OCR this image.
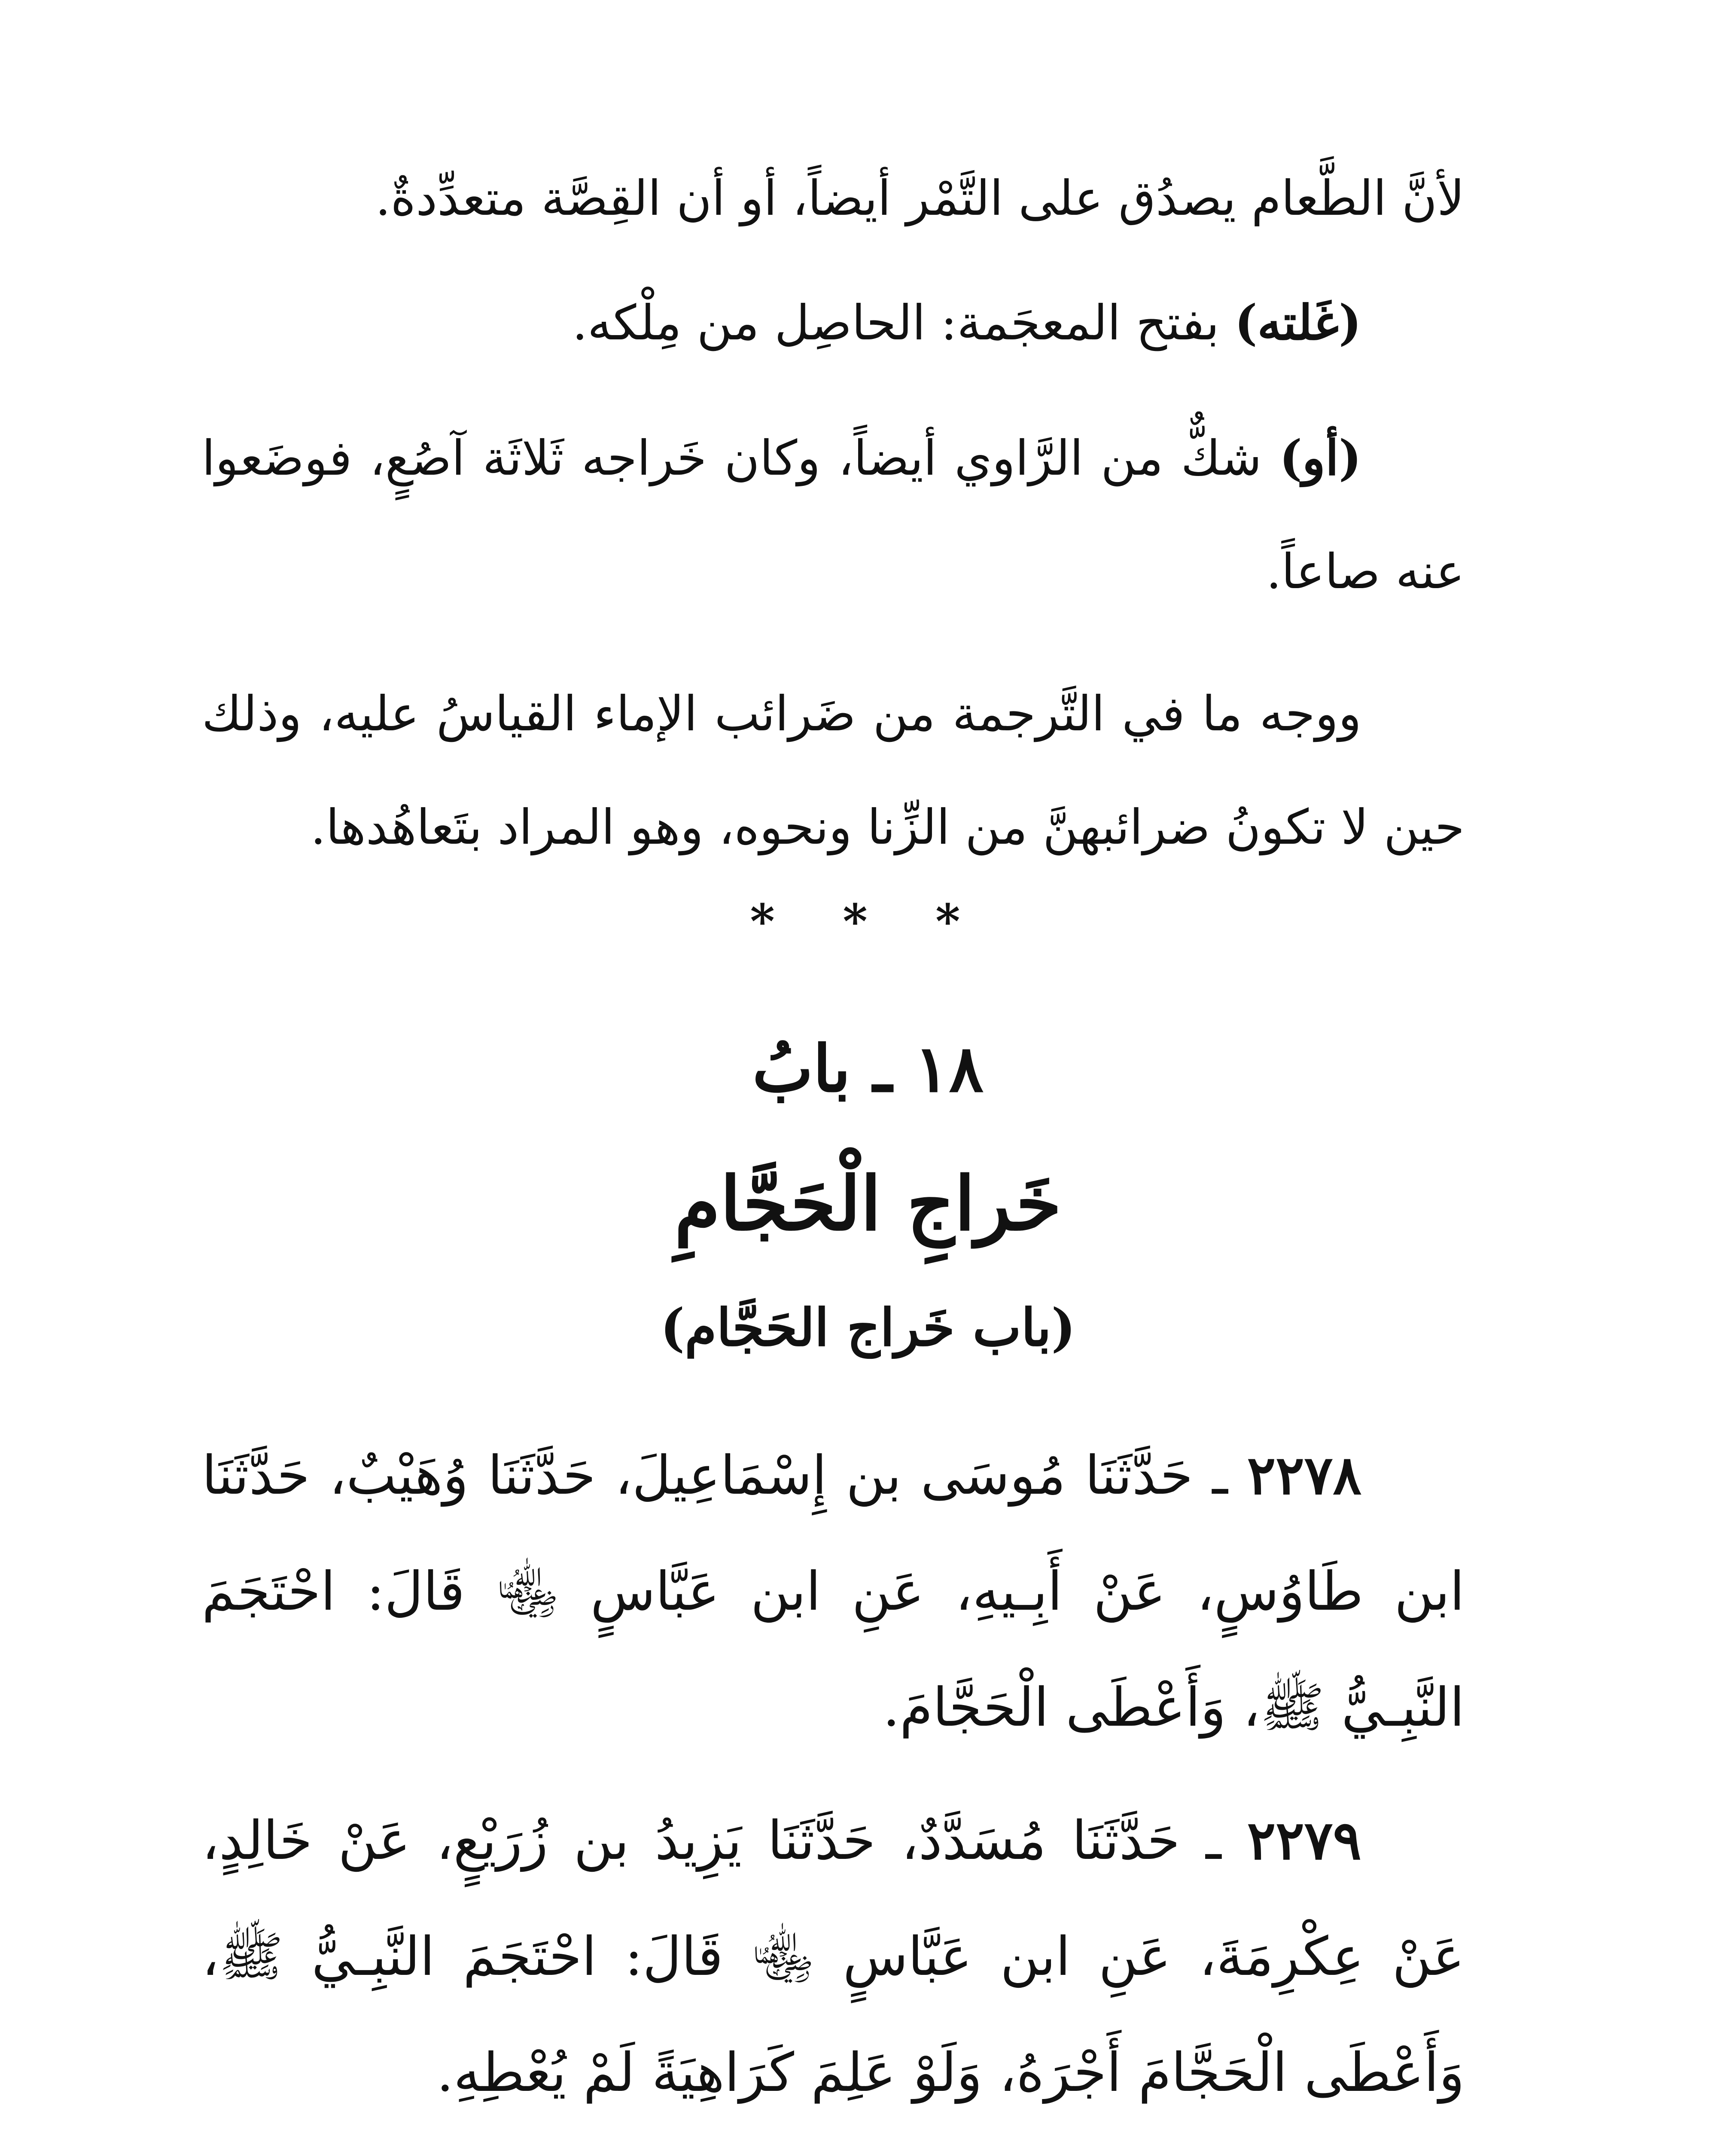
لأنَّ الطَّعام يصدُق على التَّمْر أيضاً، أو أن القِصَّة متعدِّدةٌ.

(غَلته) بفتح المعجَمة: الحاصِل من مِلْكه.

(أو) شكٌّ من الرَّاوي أيضاً، وكان خَراجه ثَلاثَة آصُعٍ، فوضَعوا عنه صاعاً.

ووجه ما في التَّرجمة من ضَرائب الإماء القياسُ عليه، وذلك حين لا تكونُ ضرائبهنَّ من الزِّنا ونحوه، وهو المراد بتَعاهُدها.

* * *
١٨ ـ بابُ
خَراجِ الْحَجَّامِ
(باب خَراج الحَجَّام)

٢٢٧٨ ـ حَدَّثَنَا مُوسَى بن إِسْمَاعِيلَ، حَدَّثَنَا وُهَيْبٌ، حَدَّثَنَا ابن طَاوُسٍ، عَنْ أَبِـيهِ، عَنِ ابن عَبَّاسٍ ﵄ قَالَ: احْتَجَمَ النَّبِـيُّ ﷺ، وَأَعْطَى الْحَجَّامَ.

٢٢٧٩ ـ حَدَّثَنَا مُسَدَّدٌ، حَدَّثَنَا يَزِيدُ بن زُرَيْعٍ، عَنْ خَالِدٍ، عَنْ عِكْرِمَةَ، عَنِ ابن عَبَّاسٍ ﵄ قَالَ: احْتَجَمَ النَّبِـيُّ ﷺ، وَأَعْطَى الْحَجَّامَ أَجْرَهُ، وَلَوْ عَلِمَ كَرَاهِيَةً لَمْ يُعْطِهِ.
